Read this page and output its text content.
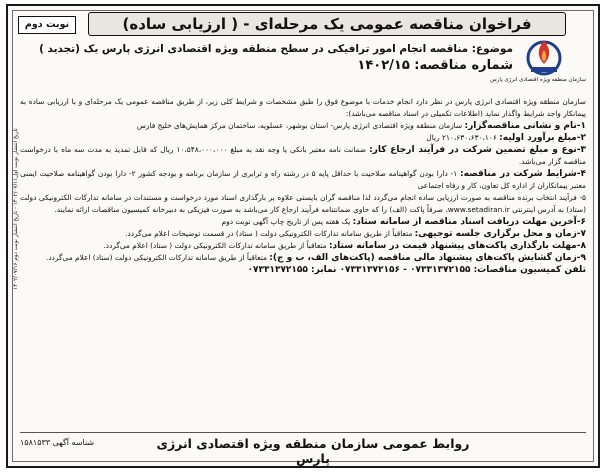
تاریخ انتشار نوبت اول۱۴۰۲/۰۷/۱۱ - تاریخ انتشار نوبت دوم ۱۴۰۲/۰۷/۱۶
فراخوان مناقصه عمومی یک مرحله‌ای - ( ارزیابی ساده)
نوبت دوم
سازمان منطقه ویژه اقتصادی انرژی پارس
موضوع: مناقصه انجام امور ترافیکی در سطح منطقه ویژه اقتصادی انرژی پارس یک (تجدید )
شماره مناقصه: ۱۴۰۲/۱۵

سازمان منطقه ویژه اقتصادی انرژی پارس در نظر دارد انجام خدمات با موضوع فوق را طبق مشخصات و شرایط کلی زیر، از طریق مناقصه عمومی یک مرحله‌ای و با ارزیابی ساده به پیمانکار واجد شرایط واگذار نماید (اطلاعات تکمیلی در اسناد مناقصه می‌باشد):

۱-نام و نشانی مناقصه‌گزار: سازمان منطقه ویژه اقتصادی انرژی پارس- استان بوشهر، عسلویه، ساختمان مرکز همایش‌های خلیج فارس

۲-مبلغ برآورد اولیه: ۲۱۰،۶۳۰،۶۳۰،۱۰۶ ریال

۳-نوع و مبلغ تضمین شرکت در فرآیند ارجاع کار: ضمانت نامه معتبر بانکی یا وجه نقد به مبلغ ۱۰،۵۴۸،۰۰۰،۰۰۰ ریال که قابل تمدید به مدت سه ماه با درخواست مناقصه گزار می‌باشد.

۴-شرایط شرکت در مناقصه: ۱- دارا بودن گواهینامه صلاحیت با حداقل پایه ۵ در رشته راه و ترابری از سازمان برنامه و بودجه کشور ۲- دارا بودن گواهینامه صلاحیت ایمنی معتبر پیمانکاران از اداره کل تعاون، کار و رفاه اجتماعی

۵- فرآیند انتخاب برنده مناقصه به صورت ارزیابی ساده انجام می‌گردد لذا مناقصه گران بایستی علاوه بر بارگذاری اسناد مورد درخواست و مستندات در سامانه تدارکات الکترونیکی دولت (ستاد) به آدرس اینترنتی www.setadiran.ir، صرفاً پاکت (الف) را که حاوی ضمانتنامه فرآیند ارجاع کار می‌باشد به صورت فیزیکی به دبیرخانه کمیسیون مناقصات ارائه نمایند.

۶-آخرین مهلت دریافت اسناد مناقصه از سامانه ستاد: یک هفته پس از تاریخ چاپ آگهی نوبت دوم

۷-زمان و محل برگزاری جلسه توجیهی: متعاقباً از طریق سامانه تدارکات الکترونیکی دولت ( ستاد) در قسمت توضیحات اعلام می‌گردد.

۸-مهلت بارگذاری پاکت‌های پیشنهاد قیمت در سامانه ستاد: متعاقباً از طریق سامانه تدارکات الکترونیکی دولت ( ستاد) اعلام می‌گردد.

۹-زمان گشایش پاکت‌های پیشنهاد مالی مناقصه (پاکت‌های الف، ب و ج): متعاقباً از طریق سامانه تدارکات الکترونیکی دولت (ستاد) اعلام می‌گردد.

تلفن کمیسیون مناقصات: ۰۷۳۳۱۳۷۲۱۵۵ - ۰۷۳۳۱۳۷۲۱۵۶ نمابر: ۰۷۳۳۱۳۷۲۱۵۵

روابط عمومی سازمان منطقه ویژه اقتصادی انرژی پارس
شناسه آگهی ۱۵۸۱۵۳۳
